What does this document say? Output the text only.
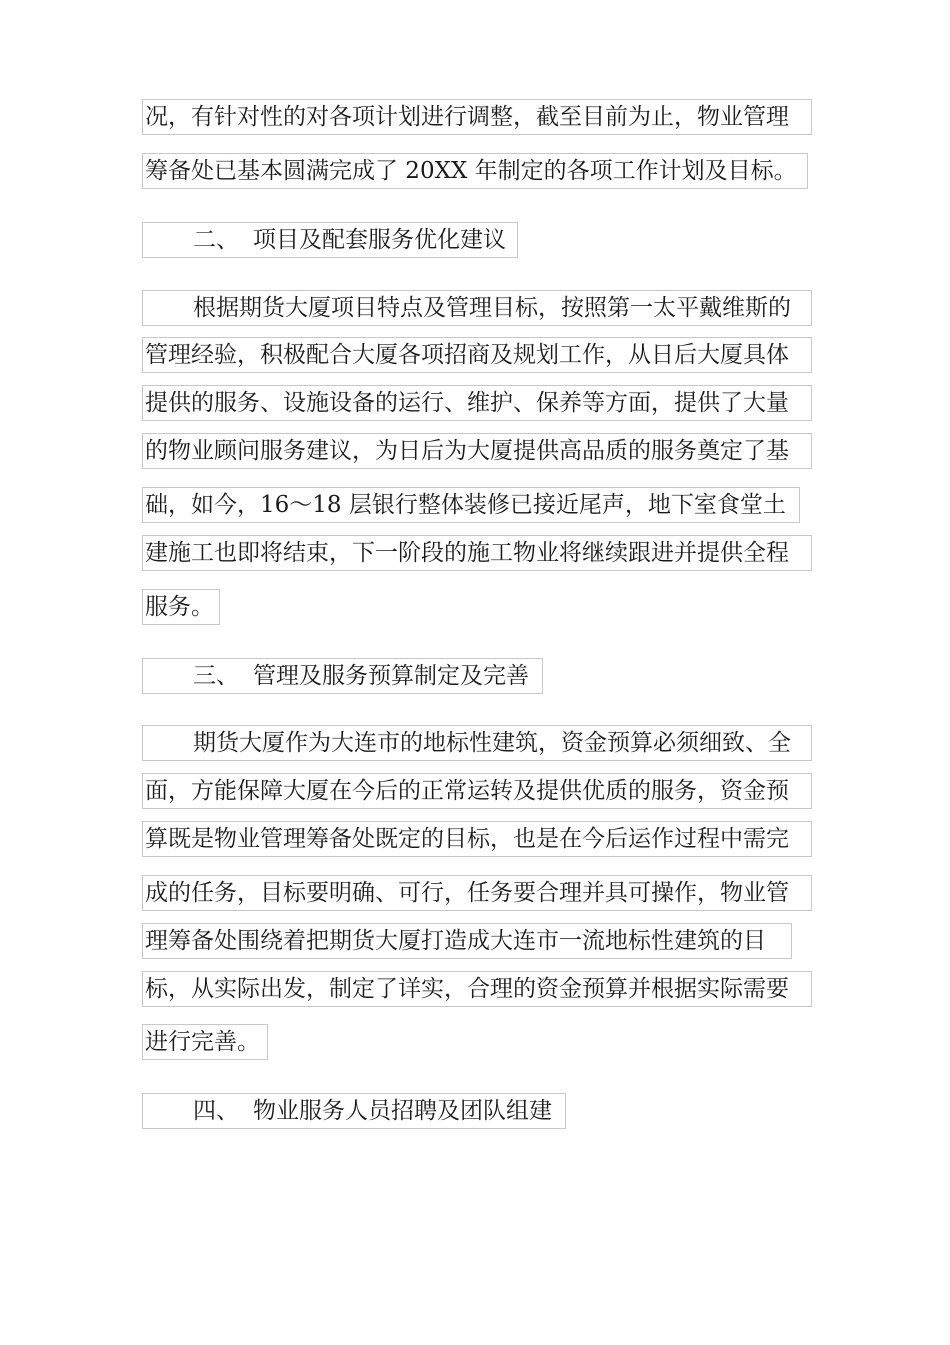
况，有针对性的对各项计划进行调整，截至目前为止，物业管理
筹备处已基本圆满完成了 20XX 年制定的各项工作计划及目标。
二、 项目及配套服务优化建议
根据期货大厦项目特点及管理目标，按照第一太平戴维斯的
管理经验，积极配合大厦各项招商及规划工作，从日后大厦具体
提供的服务、设施设备的运行、维护、保养等方面，提供了大量
的物业顾问服务建议，为日后为大厦提供高品质的服务奠定了基
础，如今，16～18 层银行整体装修已接近尾声，地下室食堂土
建施工也即将结束，下一阶段的施工物业将继续跟进并提供全程
服务。
三、 管理及服务预算制定及完善
期货大厦作为大连市的地标性建筑，资金预算必须细致、全
面，方能保障大厦在今后的正常运转及提供优质的服务，资金预
算既是物业管理筹备处既定的目标，也是在今后运作过程中需完
成的任务，目标要明确、可行，任务要合理并具可操作，物业管
理筹备处围绕着把期货大厦打造成大连市一流地标性建筑的目
标，从实际出发，制定了详实，合理的资金预算并根据实际需要
进行完善。
四、 物业服务人员招聘及团队组建
